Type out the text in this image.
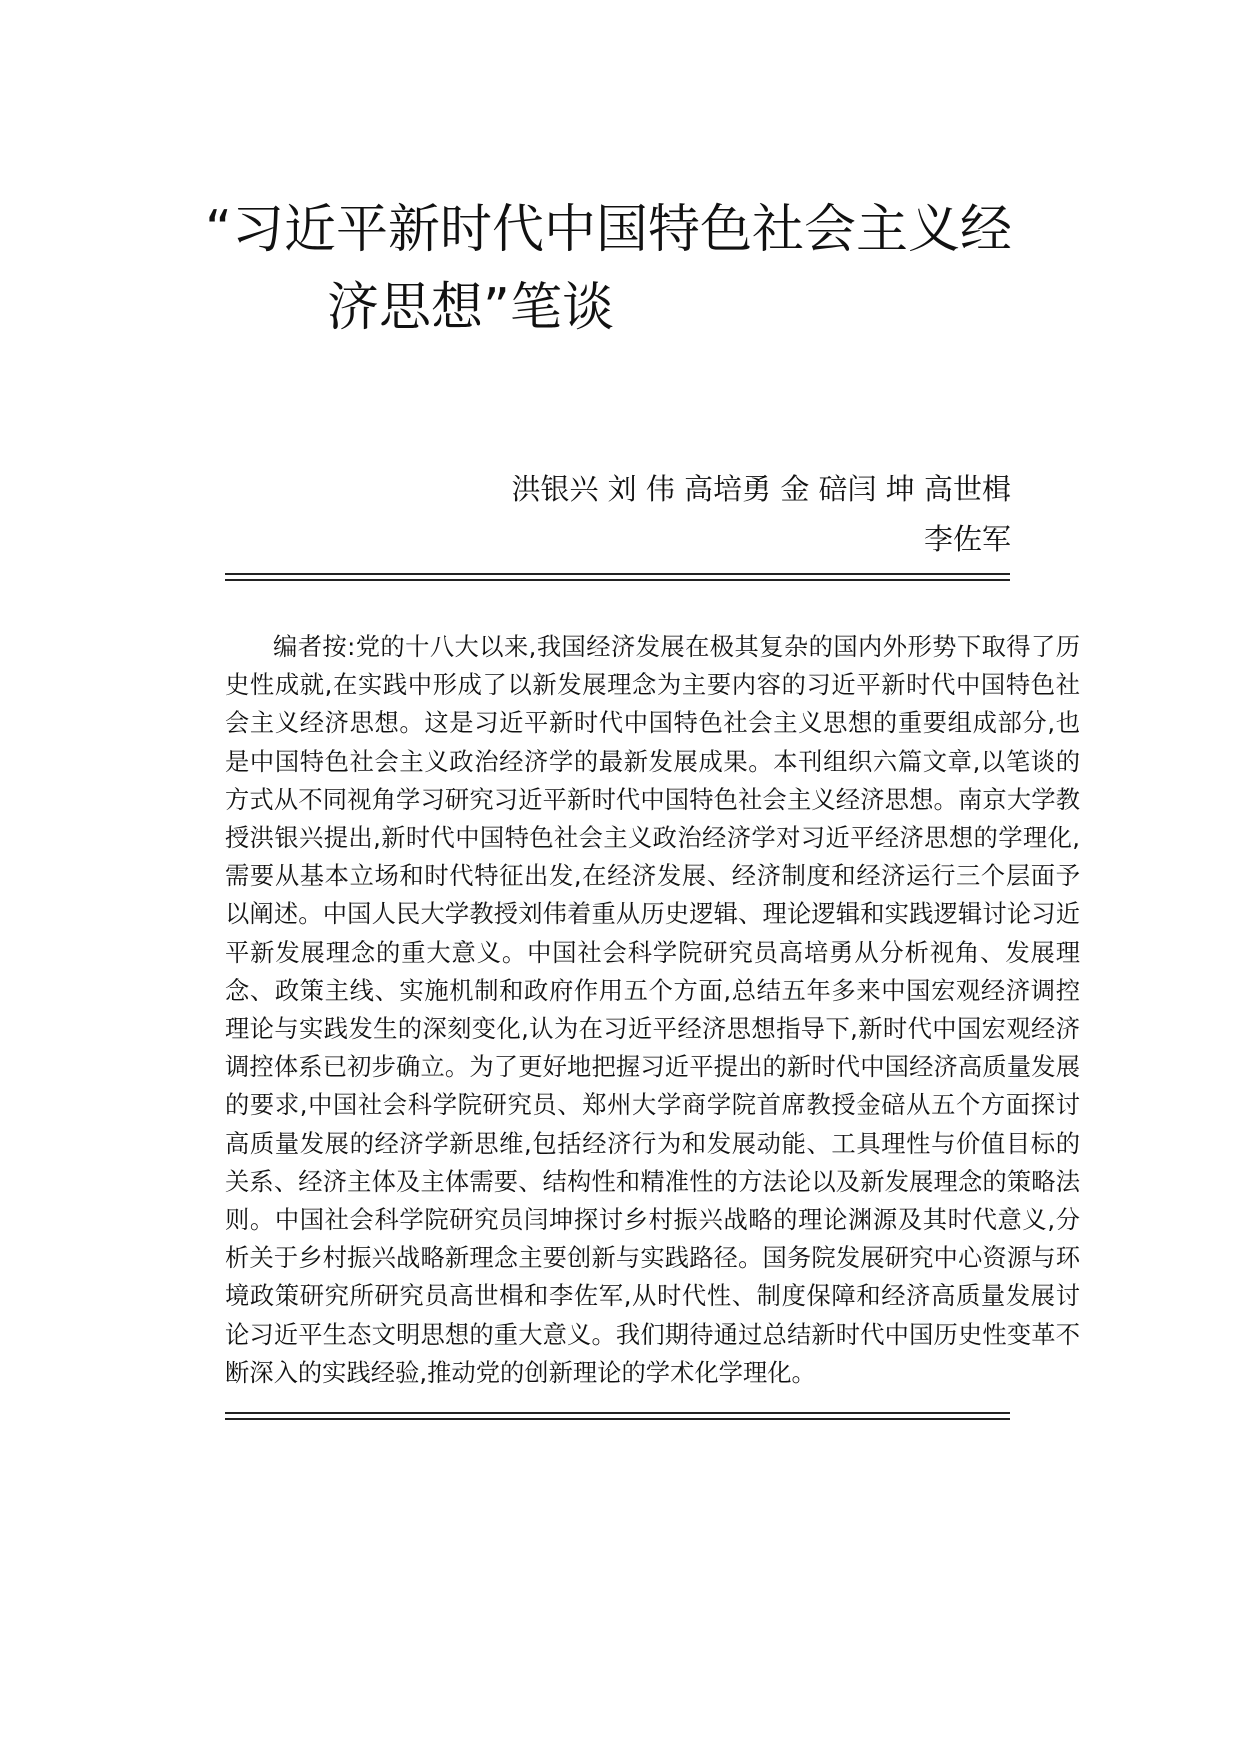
“习近平新时代中国特色社会主义经
济思想”笔谈
洪银兴 刘 伟 高培勇 金 碚闫 坤 高世楫
李佐军

编者按:党的十八大以来,我国经济发展在极其复杂的国内外形势下取得了历史性成就,在实践中形成了以新发展理念为主要内容的习近平新时代中国特色社会主义经济思想。这是习近平新时代中国特色社会主义思想的重要组成部分,也是中国特色社会主义政治经济学的最新发展成果。本刊组织六篇文章,以笔谈的方式从不同视角学习研究习近平新时代中国特色社会主义经济思想。南京大学教授洪银兴提出,新时代中国特色社会主义政治经济学对习近平经济思想的学理化,需要从基本立场和时代特征出发,在经济发展、经济制度和经济运行三个层面予以阐述。中国人民大学教授刘伟着重从历史逻辑、理论逻辑和实践逻辑讨论习近平新发展理念的重大意义。中国社会科学院研究员高培勇从分析视角、发展理念、政策主线、实施机制和政府作用五个方面,总结五年多来中国宏观经济调控理论与实践发生的深刻变化,认为在习近平经济思想指导下,新时代中国宏观经济调控体系已初步确立。为了更好地把握习近平提出的新时代中国经济高质量发展的要求,中国社会科学院研究员、郑州大学商学院首席教授金碚从五个方面探讨高质量发展的经济学新思维,包括经济行为和发展动能、工具理性与价值目标的关系、经济主体及主体需要、结构性和精准性的方法论以及新发展理念的策略法则。中国社会科学院研究员闫坤探讨乡村振兴战略的理论渊源及其时代意义,分析关于乡村振兴战略新理念主要创新与实践路径。国务院发展研究中心资源与环境政策研究所研究员高世楫和李佐军,从时代性、制度保障和经济高质量发展讨论习近平生态文明思想的重大意义。我们期待通过总结新时代中国历史性变革不断深入的实践经验,推动党的创新理论的学术化学理化。
